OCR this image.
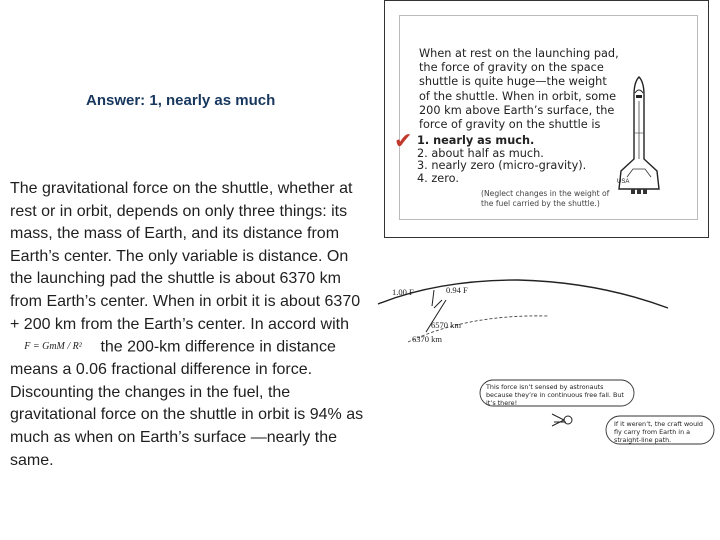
Answer: 1, nearly as much
The gravitational force on the shuttle, whether at rest or in orbit, depends on only three things: its mass, the mass of Earth, and its distance from Earth’s center. The only variable is distance. On the launching pad the shuttle is about 6370 km from Earth’s center. When in orbit it is about 6370 + 200 km from the Earth’s center. In accord with F = GmM / R² the 200-km difference in distance means a 0.06 fractional difference in force. Discounting the changes in the fuel, the gravitational force on the shuttle in orbit is 94% as much as when on Earth’s surface —nearly the same.
When at rest on the launching pad, the force of gravity on the space shuttle is quite huge—the weight of the shuttle. When in orbit, some 200 km above Earth’s surface, the force of gravity on the shuttle is
✔ 1. nearly as much.
2. about half as much.
3. nearly zero (micro-gravity).
4. zero.
(Neglect changes in the weight of the fuel carried by the shuttle.)
USA
1.00 F	0.94 F
6570 km
6370 km
This force isn’t sensed by astronauts because they’re in continuous free fall. But it’s there!
If it weren’t, the craft would fly carry from Earth in a straight-line path.
